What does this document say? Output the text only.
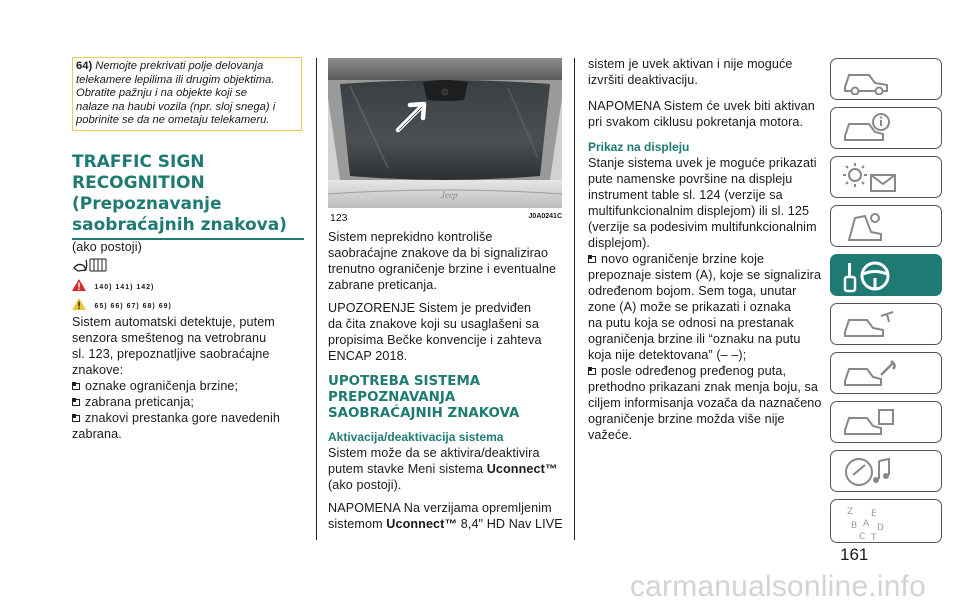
64) Nemojte prekrivati polje delovanja

telekamere lepilima ili drugim objektima.

Obratite pažnju i na objekte koji se

nalaze na haubi vozila (npr. sloj snega) i

pobrinite se da ne ometaju telekameru.

TRAFFIC SIGN
RECOGNITION
(Prepoznavanje
saobraćajnih znakova)

(ako postoji)

140) 141) 142)
65) 66) 67) 68) 69)

Sistem automatski detektuje, putem

senzora smeštenog na vetrobranu

sl. 123, prepoznatljive saobraćajne

znakove:

oznake ograničenja brzine;

zabrana preticanja;

znakovi prestanka gore navedenih

zabrana.

Jeep
123	J0A0241C

Sistem neprekidno kontroliše

saobraćajne znakove da bi signalizirao

trenutno ograničenje brzine i eventualne

zabrane preticanja.

UPOZORENJE Sistem je predviđen

da čita znakove koji su usaglašeni sa

propisima Bečke konvencije i zahteva

ENCAP 2018.

UPOTREBA SISTEMA

PREPOZNAVANJA

SAOBRAĆAJNIH ZNAKOVA

Aktivacija/deaktivacija sistema

Sistem može da se aktivira/deaktivira

putem stavke Meni sistema Uconnect™

(ako postoji).

NAPOMENA Na verzijama opremljenim

sistemom Uconnect™ 8,4" HD Nav LIVE

sistem je uvek aktivan i nije moguće

izvršiti deaktivaciju.

NAPOMENA Sistem će uvek biti aktivan

pri svakom ciklusu pokretanja motora.

Prikaz na displeju

Stanje sistema uvek je moguće prikazati

pute namenske površine na displeju

instrument table sl. 124 (verzije sa

multifunkcionalnim displejom) ili sl. 125

(verzije sa podesivim multifunkcionalnim

displejom).

novo ograničenje brzine koje

prepoznaje sistem (A), koje se signalizira

određenom bojom. Sem toga, unutar

zone (A) može se prikazati i oznaka

na putu koja se odnosi na prestanak

ograničenja brzine ili “oznaku na putu

koja nije detektovana” (– –);

posle određenog pređenog puta,

prethodno prikazani znak menja boju, sa

ciljem informisanja vozača da naznačeno

ograničenje brzine možda više nije

važeće.

Z E
B A D
C T
161
carmanualsonline.info
